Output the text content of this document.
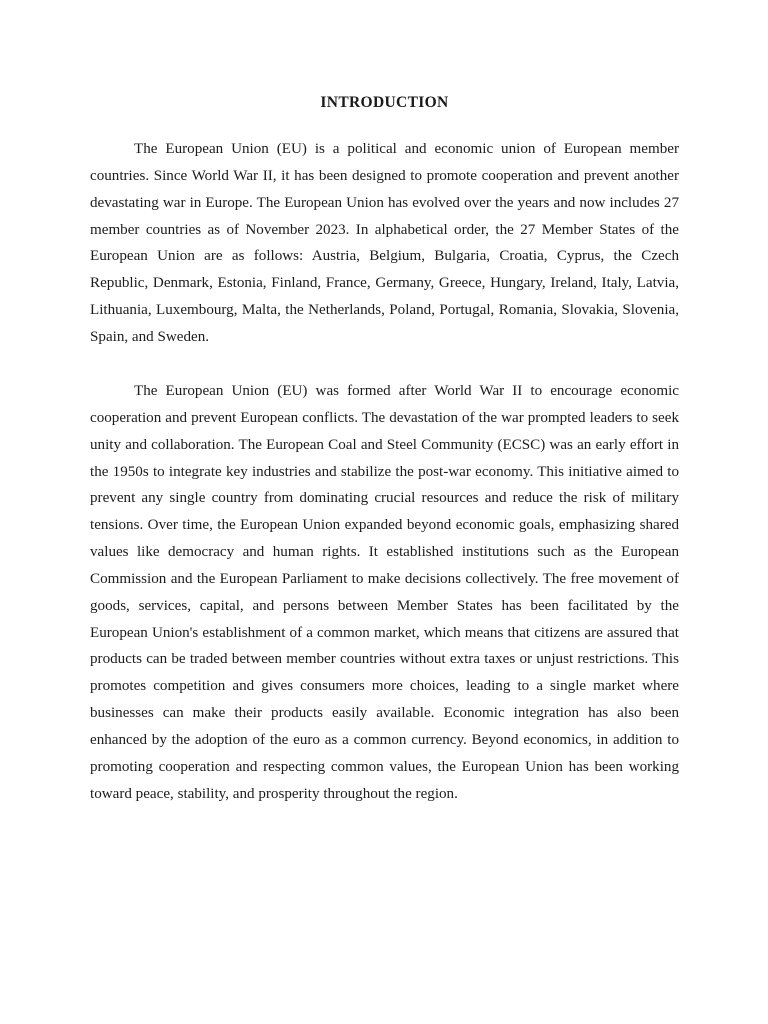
INTRODUCTION

The European Union (EU) is a political and economic union of European member countries. Since World War II, it has been designed to promote cooperation and prevent another devastating war in Europe. The European Union has evolved over the years and now includes 27 member countries as of November 2023. In alphabetical order, the 27 Member States of the European Union are as follows: Austria, Belgium, Bulgaria, Croatia, Cyprus, the Czech Republic, Denmark, Estonia, Finland, France, Germany, Greece, Hungary, Ireland, Italy, Latvia, Lithuania, Luxembourg, Malta, the Netherlands, Poland, Portugal, Romania, Slovakia, Slovenia, Spain, and Sweden.

The European Union (EU) was formed after World War II to encourage economic cooperation and prevent European conflicts. The devastation of the war prompted leaders to seek unity and collaboration. The European Coal and Steel Community (ECSC) was an early effort in the 1950s to integrate key industries and stabilize the post-war economy. This initiative aimed to prevent any single country from dominating crucial resources and reduce the risk of military tensions. Over time, the European Union expanded beyond economic goals, emphasizing shared values like democracy and human rights. It established institutions such as the European Commission and the European Parliament to make decisions collectively. The free movement of goods, services, capital, and persons between Member States has been facilitated by the European Union's establishment of a common market, which means that citizens are assured that products can be traded between member countries without extra taxes or unjust restrictions. This promotes competition and gives consumers more choices, leading to a single market where businesses can make their products easily available. Economic integration has also been enhanced by the adoption of the euro as a common currency. Beyond economics, in addition to promoting cooperation and respecting common values, the European Union has been working toward peace, stability, and prosperity throughout the region.
